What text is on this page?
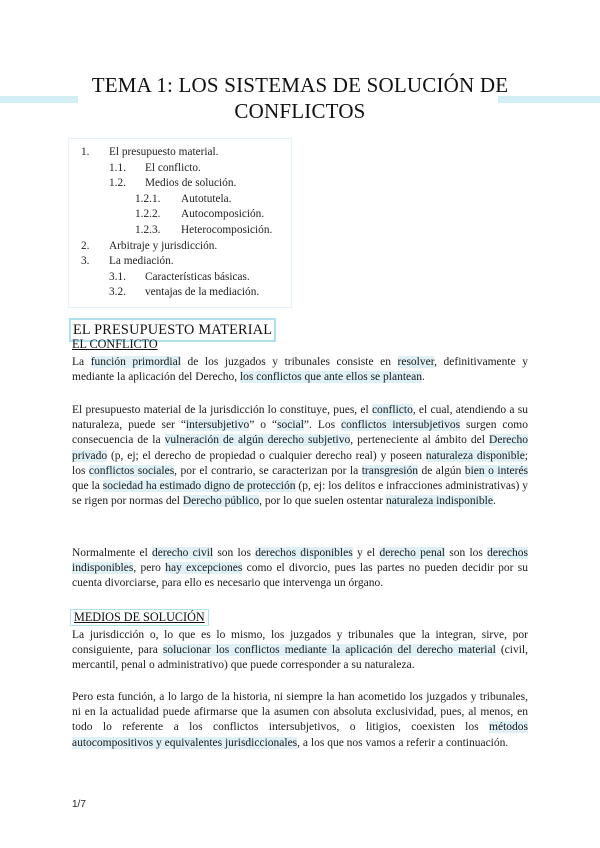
TEMA 1: LOS SISTEMAS DE SOLUCIÓN DE CONFLICTOS
1. El presupuesto material.
1.1. El conflicto.
1.2. Medios de solución.
1.2.1. Autotutela.
1.2.2. Autocomposición.
1.2.3. Heterocomposición.
2. Arbitraje y jurisdicción.
3. La mediación.
3.1. Características básicas.
3.2. ventajas de la mediación.
EL PRESUPUESTO MATERIAL
EL CONFLICTO
La función primordial de los juzgados y tribunales consiste en resolver, definitivamente y mediante la aplicación del Derecho, los conflictos que ante ellos se plantean.
El presupuesto material de la jurisdicción lo constituye, pues, el conflicto, el cual, atendiendo a su naturaleza, puede ser “intersubjetivo” o “social”. Los conflictos intersubjetivos surgen como consecuencia de la vulneración de algún derecho subjetivo, perteneciente al ámbito del Derecho privado (p, ej; el derecho de propiedad o cualquier derecho real) y poseen naturaleza disponible; los conflictos sociales, por el contrario, se caracterizan por la transgresión de algún bien o interés que la sociedad ha estimado digno de protección (p, ej: los delitos e infracciones administrativas) y se rigen por normas del Derecho público, por lo que suelen ostentar naturaleza indisponible.
Normalmente el derecho civil son los derechos disponibles y el derecho penal son los derechos indisponibles, pero hay excepciones como el divorcio, pues las partes no pueden decidir por su cuenta divorciarse, para ello es necesario que intervenga un órgano.
MEDIOS DE SOLUCIÓN
La jurisdicción o, lo que es lo mismo, los juzgados y tribunales que la integran, sirve, por consiguiente, para solucionar los conflictos mediante la aplicación del derecho material (civil, mercantil, penal o administrativo) que puede corresponder a su naturaleza.
Pero esta función, a lo largo de la historia, ni siempre la han acometido los juzgados y tribunales, ni en la actualidad puede afirmarse que la asumen con absoluta exclusividad, pues, al menos, en todo lo referente a los conflictos intersubjetivos, o litigios, coexisten los métodos autocompositivos y equivalentes jurisdiccionales, a los que nos vamos a referir a continuación.
1/7
